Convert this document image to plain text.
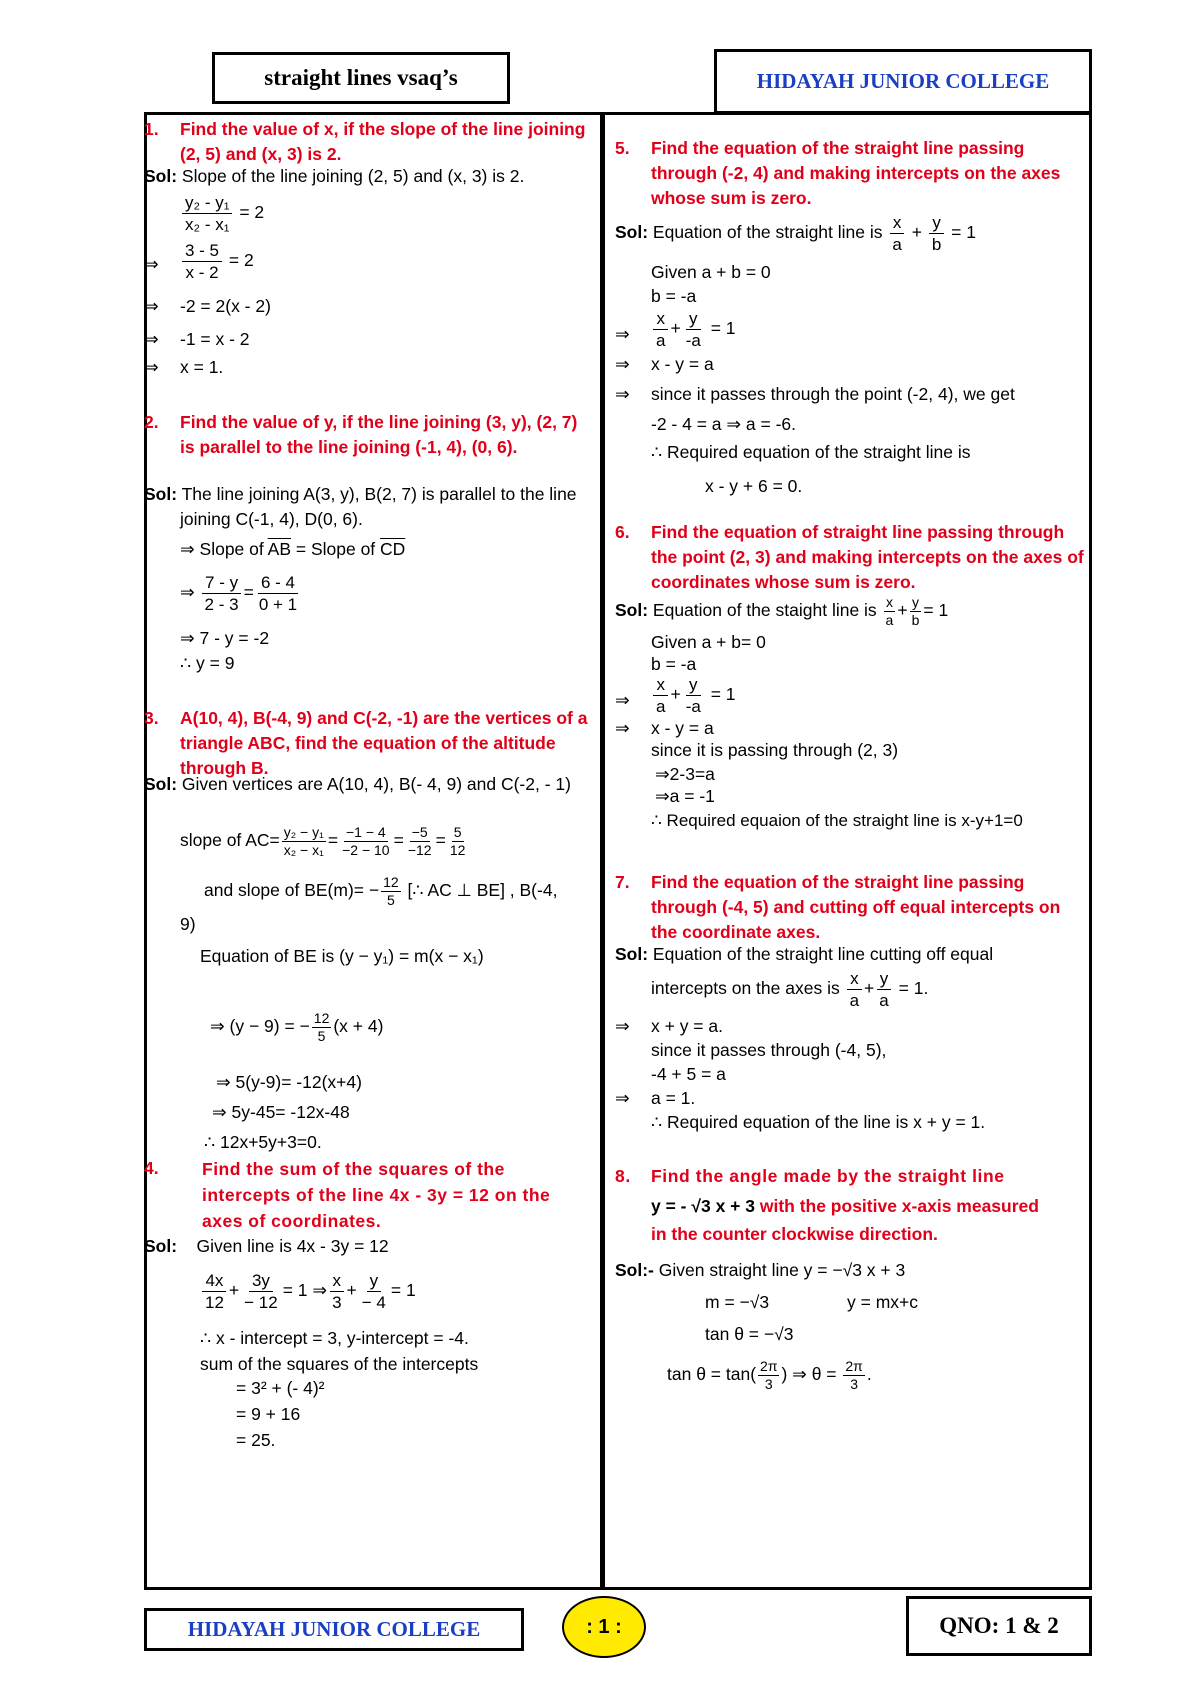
straight lines vsaq’s	HIDAYAH JUNIOR COLLEGE
1. Find the value of x, if the slope of the line joining (2, 5) and (x, 3) is 2.
Sol: Slope of the line joining (2, 5) and (x, 3) is 2.
$\frac{\text{y₂ - y₁}}{\text{x₂ - x₁}} = 2$
⇒ $\frac{3 - 5}{x - 2} = 2$
⇒ -2 = 2(x - 2)
⇒ -1 = x - 2
⇒ x = 1.
2. Find the value of y, if the line joining (3, y), (2, 7) is parallel to the line joining (-1, 4), (0, 6).
Sol: The line joining A(3, y), B(2, 7) is parallel to the line joining C(-1, 4), D(0, 6).
⇒ Slope of $\overline{AB}$ = Slope of $\overline{CD}$
⇒ $\frac{7 - y}{2 - 3} = \frac{6 - 4}{0 + 1}$
⇒ 7 - y = -2
∴ y = 9
3. A(10, 4), B(-4, 9) and C(-2, -1) are the vertices of a triangle ABC, find the equation of the altitude through B.
Sol: Given vertices are A(10, 4), B(- 4, 9) and C(-2, - 1)
slope of $AC= \frac{\text{y₂ − y₁}}{\text{x₂ − x₁}} = \frac{-1 - 4}{-2 - 10} = \frac{-5}{-12} = \frac{5}{12}$
and slope of $BE(m)= - \frac{12}{5}$ [∴ AC ⊥ BE] , B(-4,
9)
Equation of BE is (y − y₁) = m(x − x₁)
⇒ (y − 9) = − $\frac{12}{5} (x + 4)$
⇒ 5(y-9)= -12(x+4)
⇒ 5y-45= -12x-48
∴ 12x+5y+3=0.
4. Find the sum of the squares of the intercepts of the line 4x - 3y = 12 on the axes of coordinates.
Sol: Given line is 4x - 3y = 12
$\frac{4x}{12} + \frac{3y}{- 12} = 1$ ⇒ $\frac{x}{3} + \frac{y}{- 4} = 1$
∴ x - intercept = 3, y-intercept = -4.
sum of the squares of the intercepts
= 3² + (- 4)²
= 9 + 16
= 25.
5. Find the equation of the straight line passing through (-2, 4) and making intercepts on the axes whose sum is zero.
Sol: Equation of the straight line is $\frac{x}{a} + \frac{y}{b} = 1$
Given a + b = 0
b = -a
⇒ $\frac{x}{a} + \frac{y}{-a} = 1$
⇒ x - y = a
⇒ since it passes through the point (-2, 4), we get
-2 - 4 = a ⇒ a = -6.
∴ Required equation of the straight line is
x - y + 6 = 0.
6. Find the equation of straight line passing through the point (2, 3) and making intercepts on the axes of coordinates whose sum is zero.
Sol: Equation of the staight line is $\frac{x}{a} + \frac{y}{b} = 1$
Given a + b= 0
b = -a
⇒ $\frac{x}{a} + \frac{y}{-a} = 1$
⇒ x - y = a
since it is passing through (2, 3)
⇒2-3=a
⇒a = -1
∴ Required equaion of the straight line is x-y+1=0
7. Find the equation of the straight line passing through (-4, 5) and cutting off equal intercepts on the coordinate axes.
Sol: Equation of the straight line cutting off equal
intercepts on the axes is $\frac{x}{a} + \frac{y}{a} = 1$.
⇒ x + y = a.
since it passes through (-4, 5),
-4 + 5 = a
⇒ a = 1.
∴ Required equation of the line is x + y = 1.
8. Find the angle made by the straight line
y = - √3 x + 3 with the positive x-axis measured
in the counter clockwise direction.
Sol:- Given straight line y = −√3 x + 3
m = −√3	y = mx+c
tan θ = −√3
$\tan \theta = \tan( \frac{2\pi}{3}$ ) ⇒ $\theta = \frac{2\pi}{3}$ .
HIDAYAH JUNIOR COLLEGE	: 1 :	QNO: 1 & 2
